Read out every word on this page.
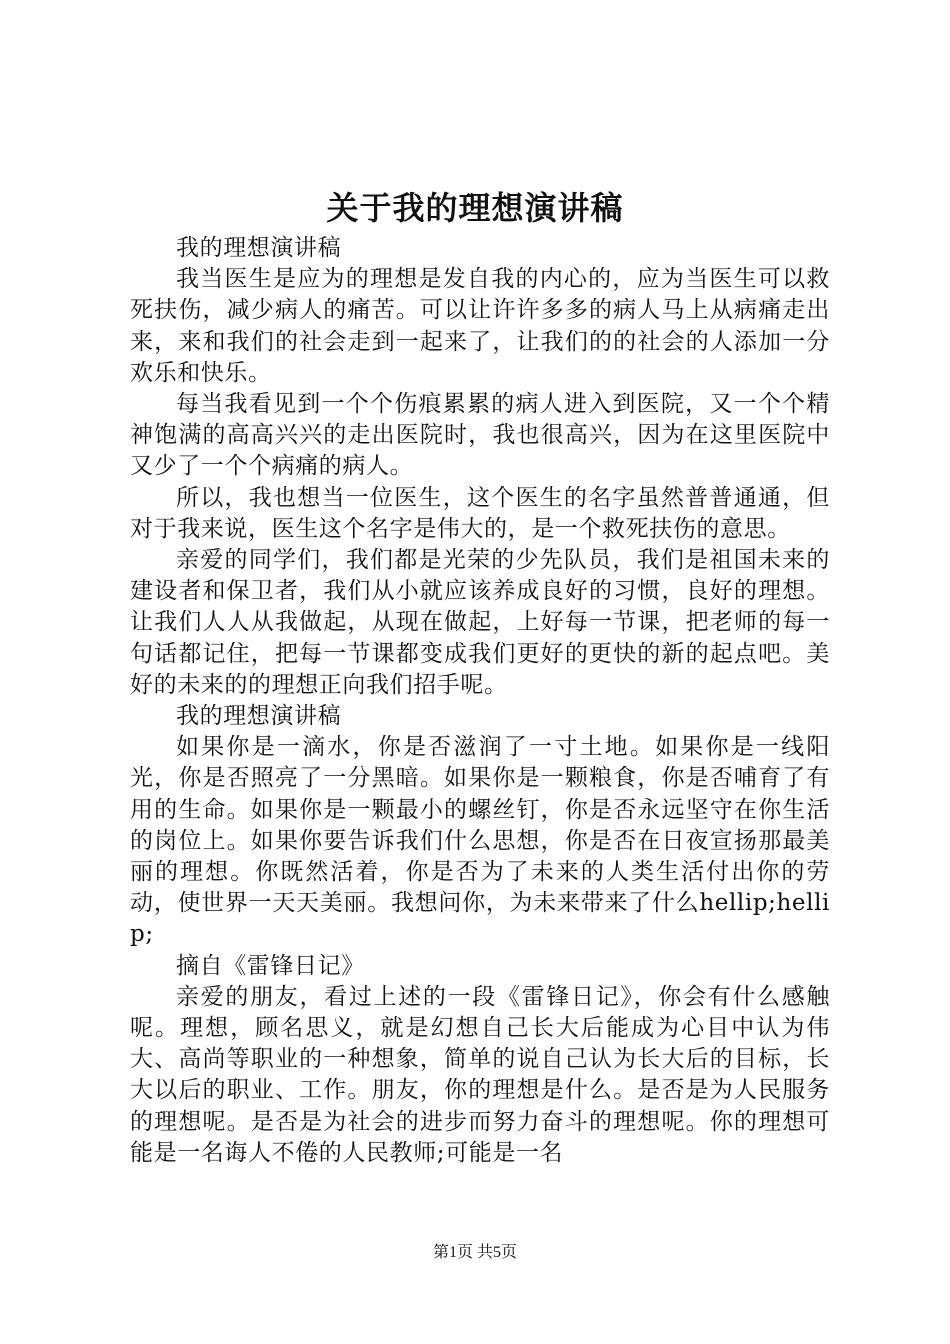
关于我的理想演讲稿

我的理想演讲稿

我当医生是应为的理想是发自我的内心的，应为当医生可以救死扶伤，减少病人的痛苦。可以让许许多多的病人马上从病痛走出来，来和我们的社会走到一起来了，让我们的的社会的人添加一分欢乐和快乐。

每当我看见到一个个伤痕累累的病人进入到医院，又一个个精神饱满的高高兴兴的走出医院时，我也很高兴，因为在这里医院中又少了一个个病痛的病人。

所以，我也想当一位医生，这个医生的名字虽然普普通通，但对于我来说，医生这个名字是伟大的，是一个救死扶伤的意思。

亲爱的同学们，我们都是光荣的少先队员，我们是祖国未来的建设者和保卫者，我们从小就应该养成良好的习惯，良好的理想。让我们人人从我做起，从现在做起，上好每一节课，把老师的每一句话都记住，把每一节课都变成我们更好的更快的新的起点吧。美好的未来的的理想正向我们招手呢。

我的理想演讲稿

如果你是一滴水，你是否滋润了一寸土地。如果你是一线阳光，你是否照亮了一分黑暗。如果你是一颗粮食，你是否哺育了有用的生命。如果你是一颗最小的螺丝钉，你是否永远坚守在你生活的岗位上。如果你要告诉我们什么思想，你是否在日夜宣扬那最美丽的理想。你既然活着，你是否为了未来的人类生活付出你的劳动，使世界一天天美丽。我想问你，为未来带来了什么hellip;hellip;

摘自《雷锋日记》

亲爱的朋友，看过上述的一段《雷锋日记》，你会有什么感触呢。理想，顾名思义，就是幻想自己长大后能成为心目中认为伟大、高尚等职业的一种想象，简单的说自己认为长大后的目标，长大以后的职业、工作。朋友，你的理想是什么。是否是为人民服务的理想呢。是否是为社会的进步而努力奋斗的理想呢。你的理想可能是一名诲人不倦的人民教师;可能是一名

第1页 共5页
